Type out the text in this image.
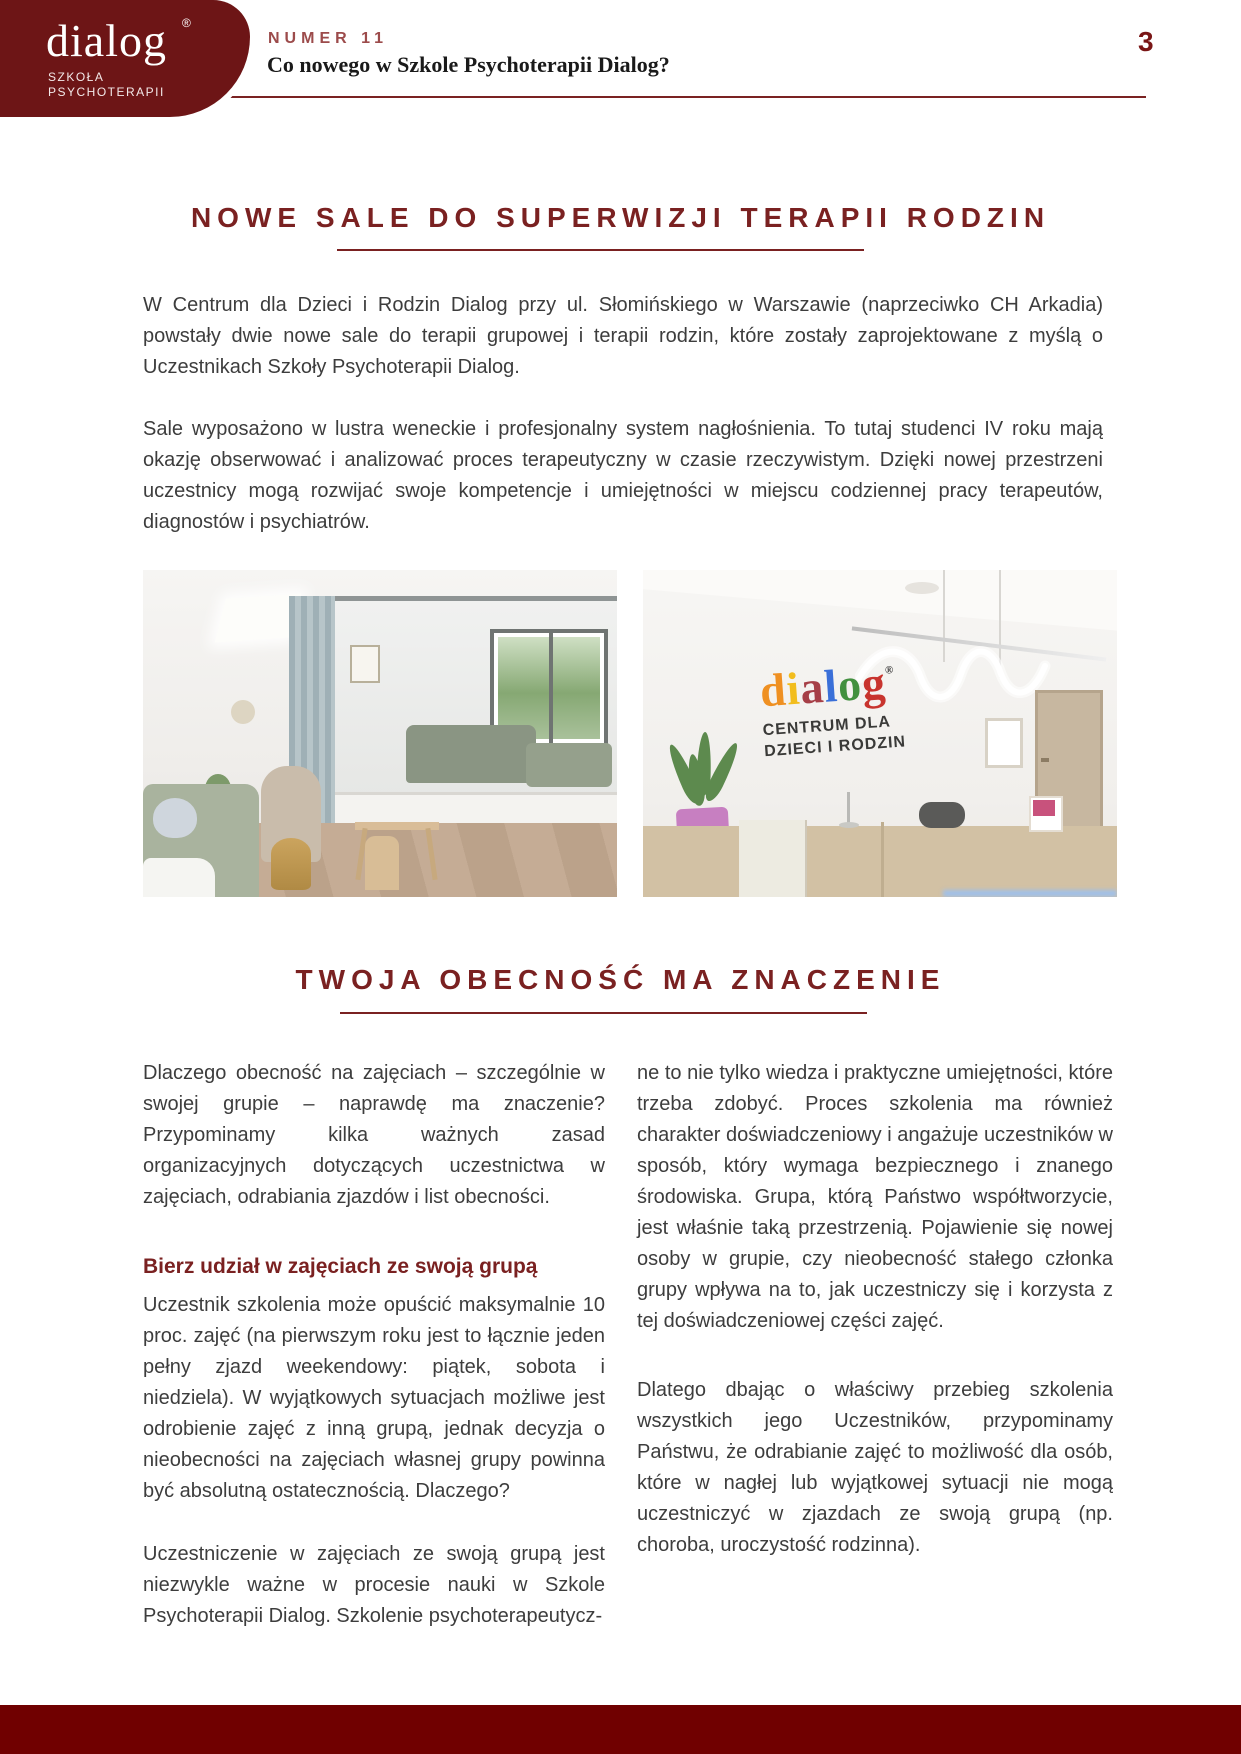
dialog ®
SZKOŁA
PSYCHOTERAPII
NUMER 11
Co nowego w Szkole Psychoterapii Dialog?
3
NOWE SALE DO SUPERWIZJI TERAPII RODZIN
W Centrum dla Dzieci i Rodzin Dialog przy ul. Słomińskiego w Warszawie (naprzeciwko CH Arkadia) powstały dwie nowe sale do terapii grupowej i terapii rodzin, które zostały zaprojektowane z myślą o Uczestnikach Szkoły Psychoterapii Dialog.
Sale wyposażono w lustra weneckie i profesjonalny system nagłośnienia. To tutaj studenci IV roku mają okazję obserwować i analizować proces terapeutyczny w czasie rzeczywistym. Dzięki nowej przestrzeni uczestnicy mogą rozwijać swoje kompetencje i umiejętności w miejscu codziennej pracy terapeutów, diagnostów i psychiatrów.
dialog®
CENTRUM DLA
DZIECI I RODZIN
TWOJA OBECNOŚĆ MA ZNACZENIE

Dlaczego obecność na zajęciach – szczególnie w swojej grupie – naprawdę ma znaczenie? Przypominamy kilka ważnych zasad organizacyjnych dotyczących uczestnictwa w zajęciach, odrabiania zjazdów i list obecności.

Bierz udział w zajęciach ze swoją grupą

Uczestnik szkolenia może opuścić maksymalnie 10 proc. zajęć (na pierwszym roku jest to łącznie jeden pełny zjazd weekendowy: piątek, sobota i niedziela). W wyjątkowych sytuacjach możliwe jest odrobienie zajęć z inną grupą, jednak decyzja o nieobecności na zajęciach własnej grupy powinna być absolutną ostatecznością. Dlaczego?

Uczestniczenie w zajęciach ze swoją grupą jest niezwykle ważne w procesie nauki w Szkole Psychoterapii Dialog. Szkolenie psychoterapeutycz-

ne to nie tylko wiedza i praktyczne umiejętności, które trzeba zdobyć. Proces szkolenia ma również charakter doświadczeniowy i angażuje uczestników w sposób, który wymaga bezpiecznego i znanego środowiska. Grupa, którą Państwo współtworzycie, jest właśnie taką przestrzenią. Pojawienie się nowej osoby w grupie, czy nieobecność stałego członka grupy wpływa na to, jak uczestniczy się i korzysta z tej doświadczeniowej części zajęć.

Dlatego dbając o właściwy przebieg szkolenia wszystkich jego Uczestników, przypominamy Państwu, że odrabianie zajęć to możliwość dla osób, które w nagłej lub wyjątkowej sytuacji nie mogą uczestniczyć w zjazdach ze swoją grupą (np. choroba, uroczystość rodzinna).
